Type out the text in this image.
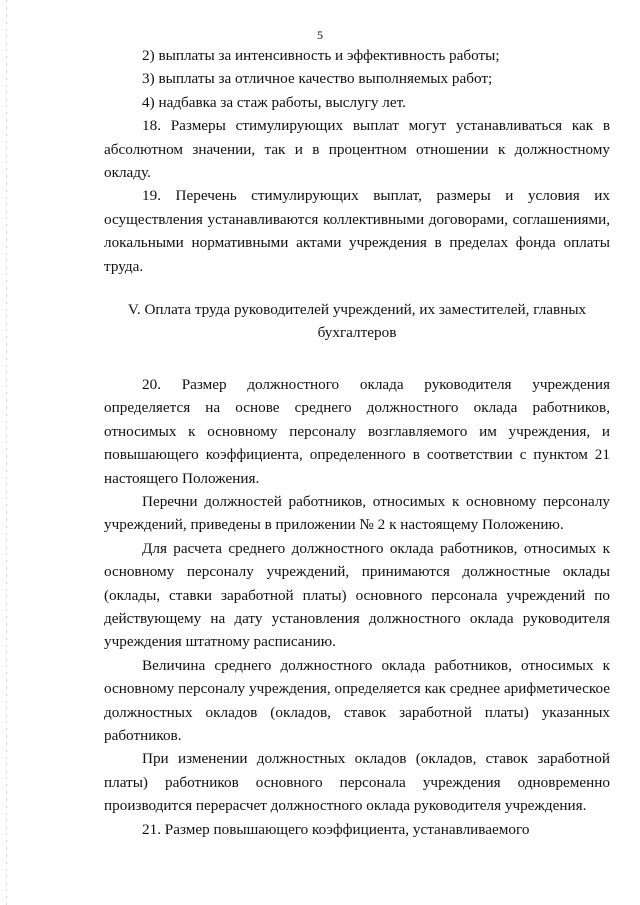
5

2) выплаты за интенсивность и эффективность работы;

3) выплаты за отличное качество выполняемых работ;

4) надбавка за стаж работы, выслугу лет.

18. Размеры стимулирующих выплат могут устанавливаться как в абсолютном значении, так и в процентном отношении к должностному окладу.

19. Перечень стимулирующих выплат, размеры и условия их осуществления устанавливаются коллективными договорами, соглашениями, локальными нормативными актами учреждения в пределах фонда оплаты труда.

V. Оплата труда руководителей учреждений, их заместителей, главных бухгалтеров

20. Размер должностного оклада руководителя учреждения определяется на основе среднего должностного оклада работников, относимых к основному персоналу возглавляемого им учреждения, и повышающего коэффициента, определенного в соответствии с пунктом 21 настоящего Положения.

Перечни должностей работников, относимых к основному персоналу учреждений, приведены в приложении № 2 к настоящему Положению.

Для расчета среднего должностного оклада работников, относимых к основному персоналу учреждений, принимаются должностные оклады (оклады, ставки заработной платы) основного персонала учреждений по действующему на дату установления должностного оклада руководителя учреждения штатному расписанию.

Величина среднего должностного оклада работников, относимых к основному персоналу учреждения, определяется как среднее арифметическое должностных окладов (окладов, ставок заработной платы) указанных работников.

При изменении должностных окладов (окладов, ставок заработной платы) работников основного персонала учреждения одновременно производится перерасчет должностного оклада руководителя учреждения.

21. Размер повышающего коэффициента, устанавливаемого
